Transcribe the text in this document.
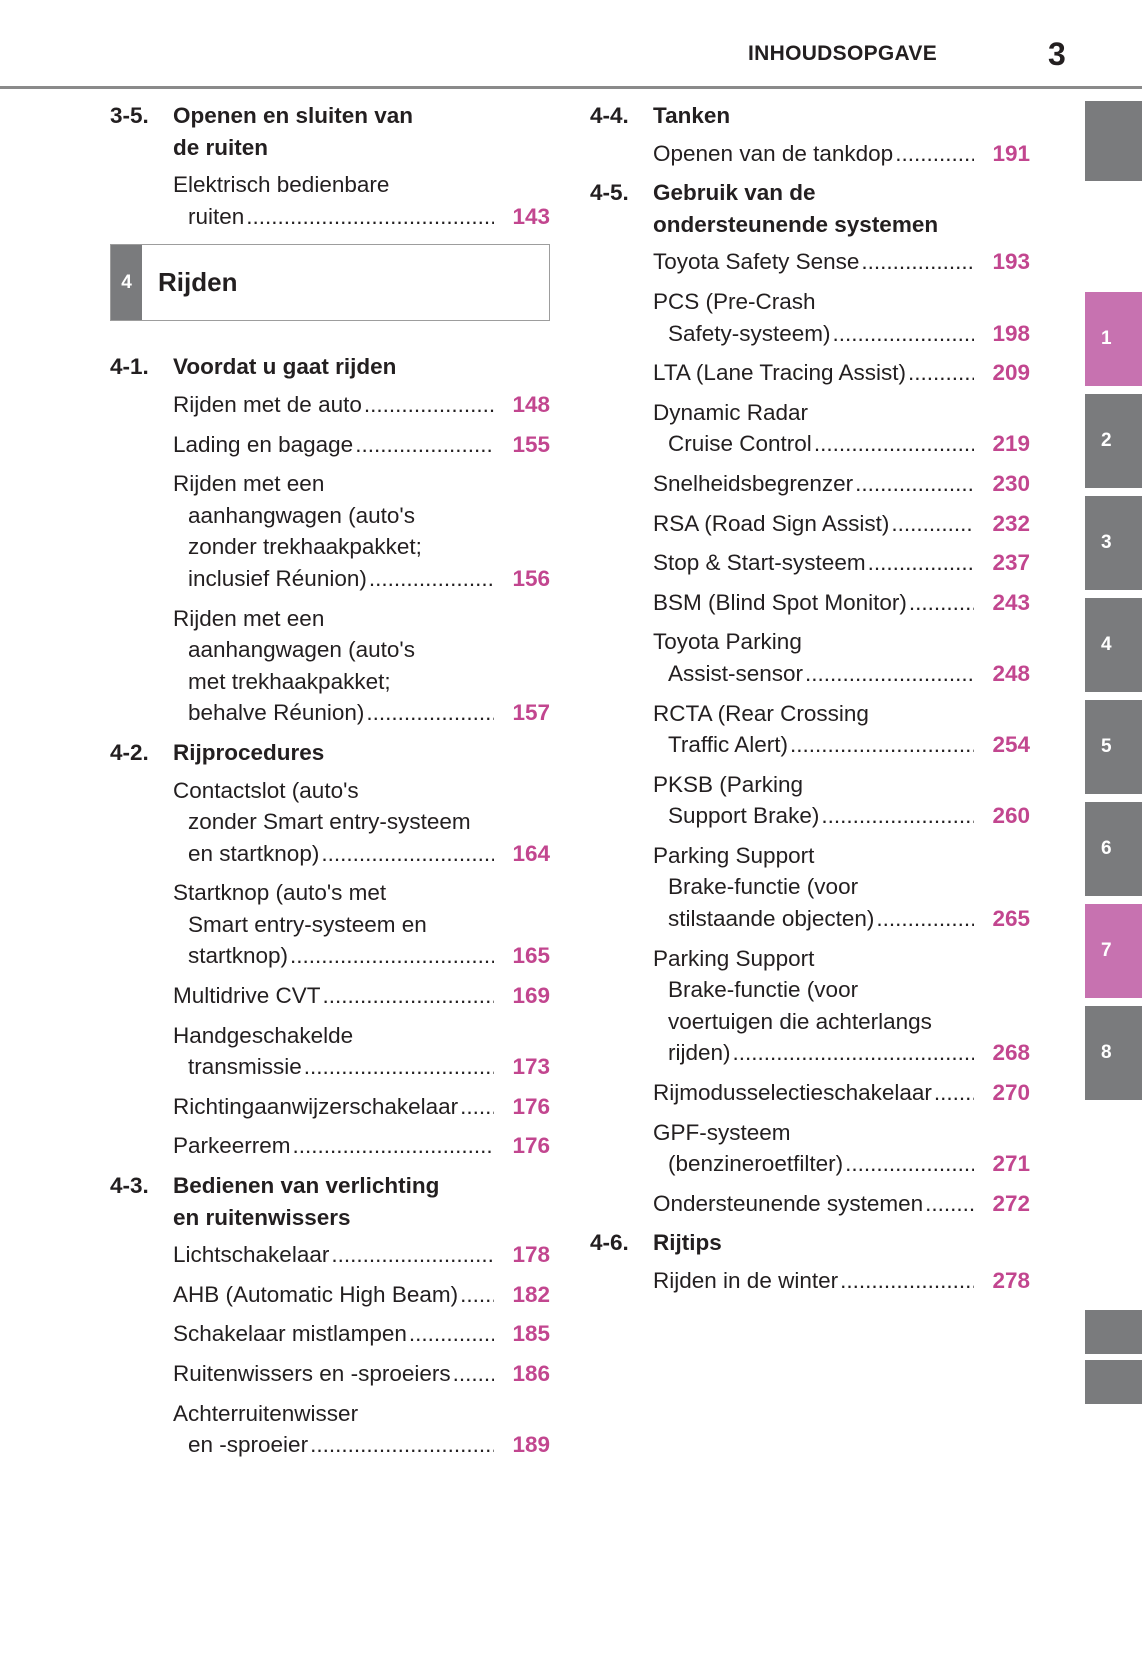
INHOUDSOPGAVE	3
3-5. Openen en sluiten van
de ruiten
Elektrisch bedienbare
ruiten .....	143
4	Rijden
4-1. Voordat u gaat rijden
Rijden met de auto .....	148
Lading en bagage .....	155
Rijden met een
aanhangwagen (auto's
zonder trekhaakpakket;
inclusief Réunion) .....	156
Rijden met een
aanhangwagen (auto's
met trekhaakpakket;
behalve Réunion) .....	157
4-2. Rijprocedures
Contactslot (auto's
zonder Smart entry-systeem
en startknop) .....	164
Startknop (auto's met
Smart entry-systeem en
startknop) .....	165
Multidrive CVT .....	169
Handgeschakelde
transmissie .....	173
Richtingaanwijzerschakelaar ..... 176
Parkeerrem .....	176
4-3. Bedienen van verlichting
en ruitenwissers
Lichtschakelaar .....	178
AHB (Automatic High Beam) ..... 182
Schakelaar mistlampen .....	185
Ruitenwissers en -sproeiers .....	186
Achterruitenwisser
en -sproeier .....	189
4-4. Tanken
Openen van de tankdop .....	191
4-5. Gebruik van de
ondersteunende systemen
Toyota Safety Sense .....	193
PCS (Pre-Crash
Safety-systeem) .....	198
LTA (Lane Tracing Assist) .....	209
Dynamic Radar
Cruise Control .....	219
Snelheidsbegrenzer .....	230
RSA (Road Sign Assist) .....	232
Stop & Start-systeem .....	237
BSM (Blind Spot Monitor) .....	243
Toyota Parking
Assist-sensor .....	248
RCTA (Rear Crossing
Traffic Alert) .....	254
PKSB (Parking
Support Brake) .....	260
Parking Support
Brake-functie (voor
stilstaande objecten) .....	265
Parking Support
Brake-functie (voor
voertuigen die achterlangs
rijden) .....	268
Rijmodusselectieschakelaar .....	270
GPF-systeem
(benzineroetfilter) .....	271
Ondersteunende systemen .....	272
4-6. Rijtips
Rijden in de winter .....	278
1
2
3
4
5
6
7
8
